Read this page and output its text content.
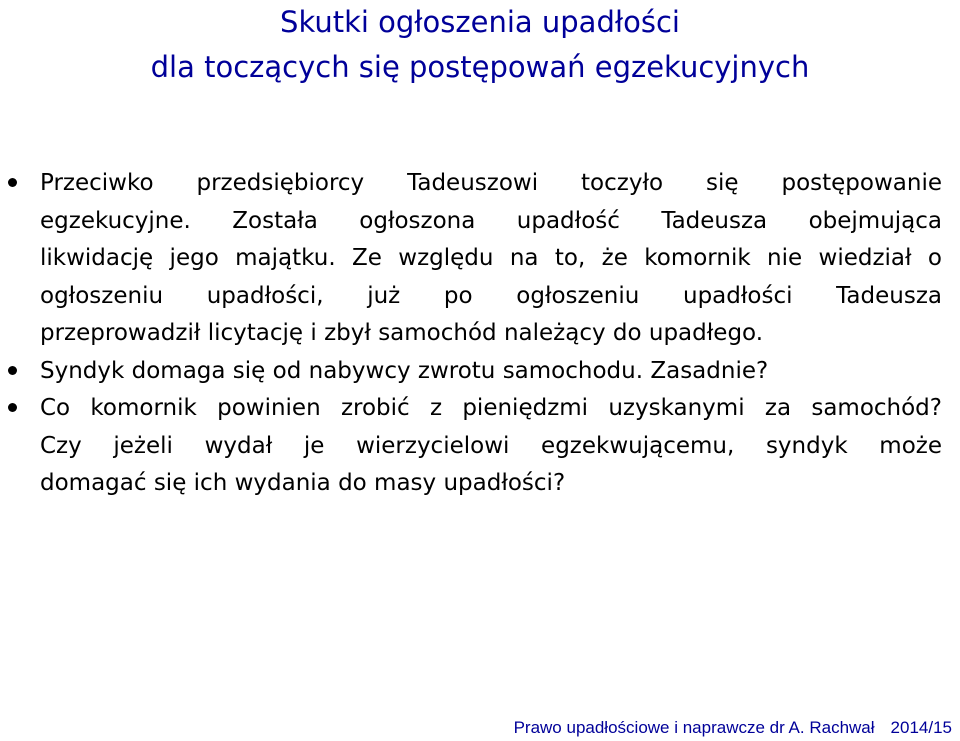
Skutki ogłoszenia upadłości
dla toczących się postępowań egzekucyjnych
Przeciwko przedsiębiorcy Tadeuszowi toczyło się postępowanie
egzekucyjne. Została ogłoszona upadłość Tadeusza obejmująca
likwidację jego majątku. Ze względu na to, że komornik nie wiedział o
ogłoszeniu upadłości, już po ogłoszeniu upadłości Tadeusza
przeprowadził licytację i zbył samochód należący do upadłego.
Syndyk domaga się od nabywcy zwrotu samochodu. Zasadnie?
Co komornik powinien zrobić z pieniędzmi uzyskanymi za samochód?
Czy jeżeli wydał je wierzycielowi egzekwującemu, syndyk może
domagać się ich wydania do masy upadłości?
Prawo upadłościowe i naprawcze dr A. Rachwał 2014/15
